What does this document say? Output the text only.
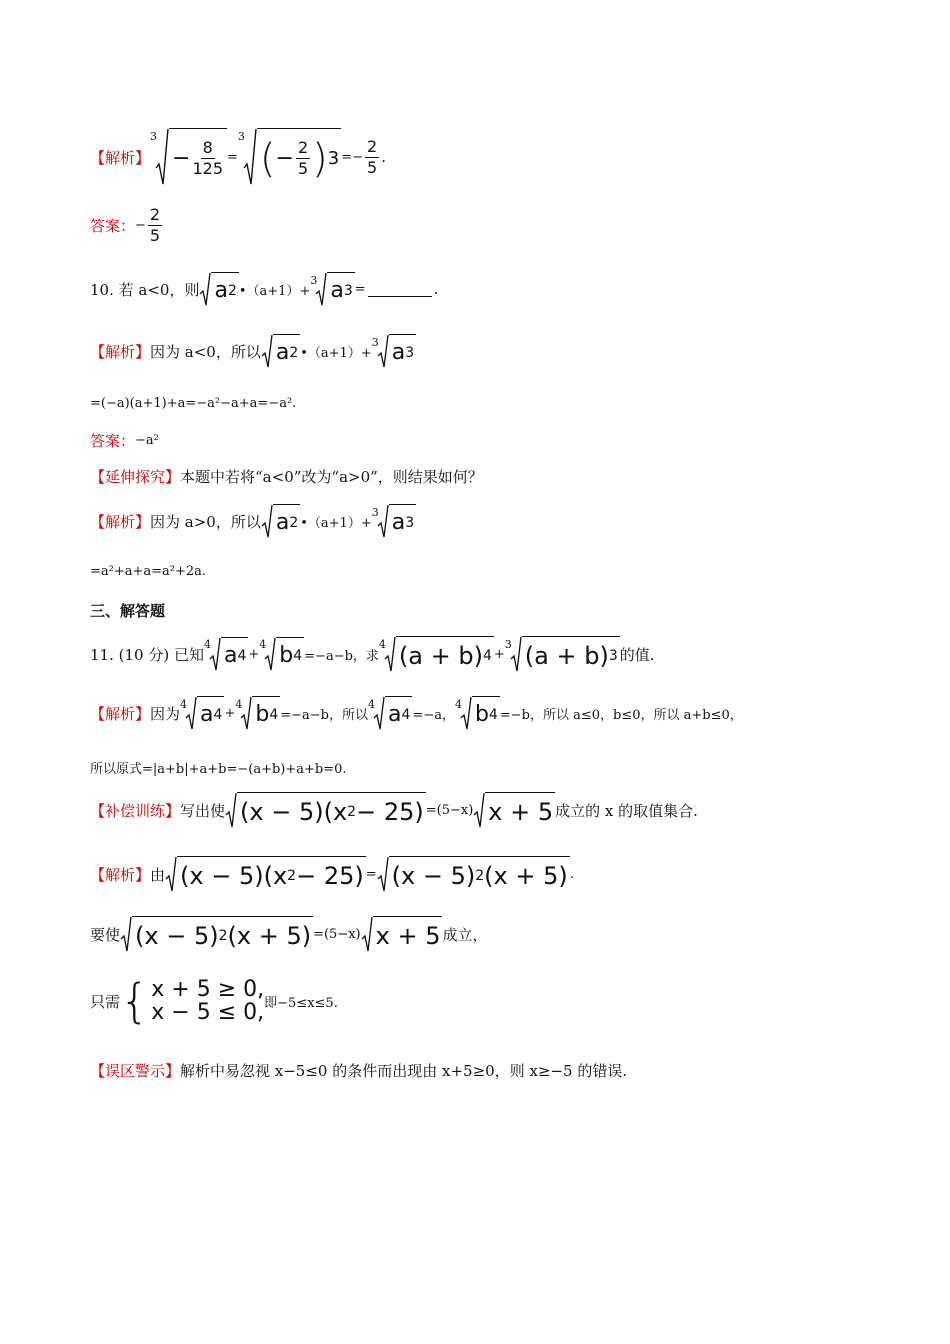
【解析】
3
− $\frac{8}{125}$ =
3 ( − $\frac{2}{5}$ ) $3 =- \frac{2}{5}$ .
答案： − $\frac{2}{5}$
10. 若 a<0，则 a 2 •（a+1）+
3 a 3 =	.
【解析】 因为 a<0，所以 a 2 •（a+1）+
3 a 3
=(−a)(a+1)+a=−a²−a+a=−a².
答案： −a²
【延伸探究】 本题中若将“a<0”改为“a>0”，则结果如何？
【解析】 因为 a>0，所以 a 2 •（a+1）+
3 a 3
=a²+a+a=a²+2a.
三、解答题
11. (10 分) 已知
4 a 4 +
4 b 4 =−a−b，求
4 (a + b) 4 +
3 (a + b) 3 的值.
【解析】 因为 4 a 4 +
4 b 4 =−a−b，所以
4 a 4 =−a，
4 b 4 =−b，所以 a≤0，b≤0，所以 a+b≤0，
所以原式=|a+b|+a+b=−(a+b)+a+b=0.
【补偿训练】 写出使 (x − 5)(x 2 − 25) =(5−x) x + 5 成立的 x 的取值集合.
【解析】 由 (x − 5)(x 2 − 25) = (x − 5) 2 (x + 5) .
要使 (x − 5) 2 (x + 5) =(5−x) x + 5 成立，
只需 { x + 5 ≥ 0,
x − 5 ≤ 0, 即−5≤x≤5.
【误区警示】 解析中易忽视 x−5≤0 的条件而出现由 x+5≥0，则 x≥−5 的错误.
